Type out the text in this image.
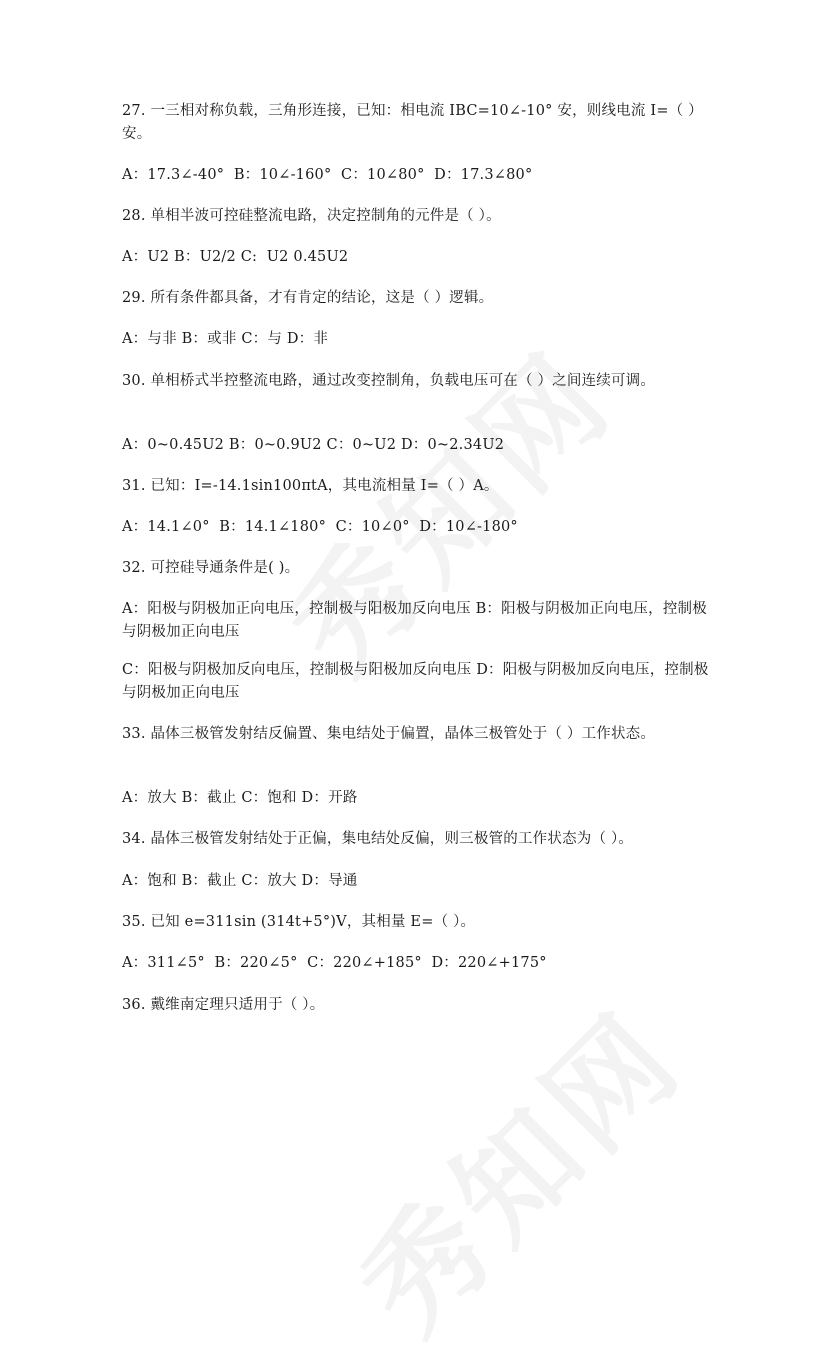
27. 一三相对称负载，三角形连接，已知：相电流 IBC=10∠-10° 安，则线电流 I=（ ）安。

A：17.3∠-40°  B：10∠-160°  C：10∠80°  D：17.3∠80°

28. 单相半波可控硅整流电路，决定控制角的元件是（ ）。

A：U2 B：U2/2 C:  U2 0.45U2

29. 所有条件都具备，才有肯定的结论，这是（ ）逻辑。

A：与非 B：或非 C：与 D：非

30. 单相桥式半控整流电路，通过改变控制角，负载电压可在（ ）之间连续可调。

A：0~0.45U2 B：0~0.9U2 C：0~U2 D：0~2.34U2

31. 已知：I=-14.1sin100πtA，其电流相量 I=（ ）A。

A：14.1∠0°  B：14.1∠180°  C：10∠0°  D：10∠-180°

32. 可控硅导通条件是( )。

A：阳极与阴极加正向电压，控制极与阳极加反向电压 B：阳极与阴极加正向电压，控制极与阴极加正向电压

C：阳极与阴极加反向电压，控制极与阳极加反向电压 D：阳极与阴极加反向电压，控制极与阴极加正向电压

33. 晶体三极管发射结反偏置、集电结处于偏置，晶体三极管处于（ ）工作状态。

A：放大 B：截止 C：饱和 D：开路

34. 晶体三极管发射结处于正偏，集电结处反偏，则三极管的工作状态为（ ）。

A：饱和 B：截止 C：放大 D：导通

35. 已知 e=311sin (314t+5°)V，其相量 E=（ ）。

A：311∠5°  B：220∠5°  C：220∠+185°  D：220∠+175°

36. 戴维南定理只适用于（ ）。
